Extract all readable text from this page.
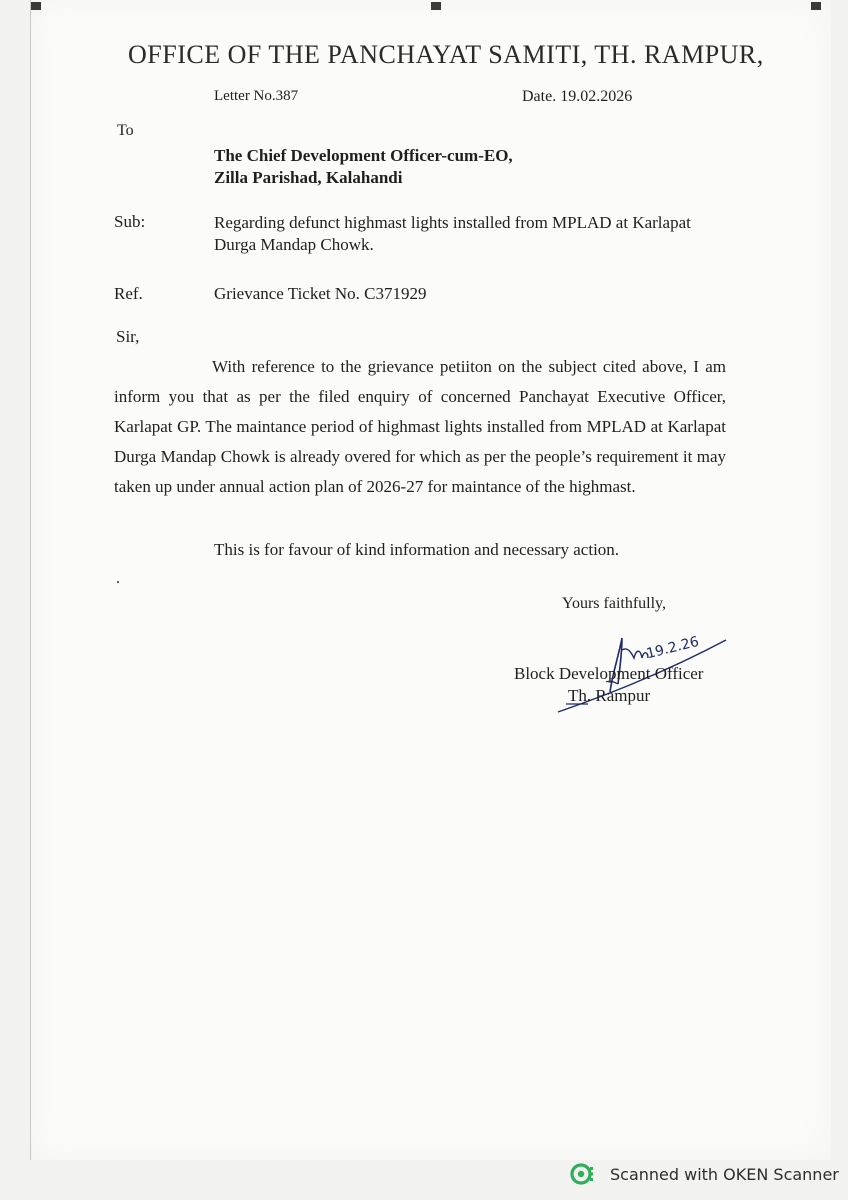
OFFICE OF THE PANCHAYAT SAMITI, TH. RAMPUR,
Letter No.387	Date. 19.02.2026
To
The Chief Development Officer-cum-EO,
Zilla Parishad, Kalahandi
Sub:	Regarding defunct highmast lights installed from MPLAD at Karlapat Durga Mandap Chowk.
Ref.	Grievance Ticket No. C371929
Sir,
With reference to the grievance petiiton on the subject cited above, I am inform you that as per the filed enquiry of concerned Panchayat Executive Officer, Karlapat GP. The maintance period of highmast lights installed from MPLAD at Karlapat Durga Mandap Chowk is already overed for which as per the people’s requirement it may taken up under annual action plan of 2026-27 for maintance of the highmast.
This is for favour of kind information and necessary action.
.
Yours faithfully,
19.2.26
Block Development Officer
Th. Rampur
Scanned with OKEN Scanner
